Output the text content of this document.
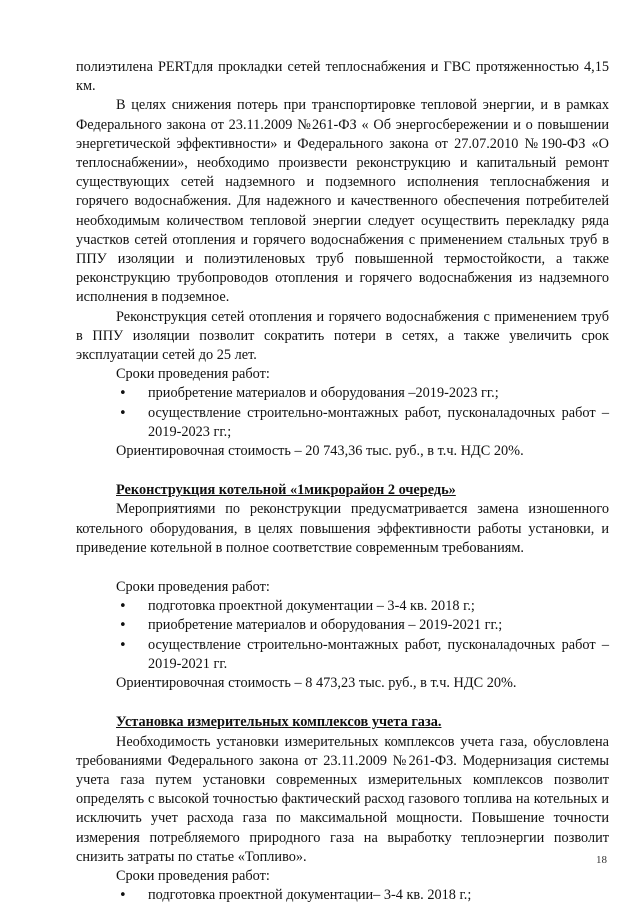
полиэтилена PERTдля прокладки сетей теплоснабжения и ГВС протяженностью 4,15 км.

В целях снижения потерь при транспортировке тепловой энергии, и в рамках Федерального закона от 23.11.2009 №261-ФЗ « Об энергосбережении и о повышении энергетической эффективности» и Федерального закона от 27.07.2010 №190-ФЗ «О теплоснабжении», необходимо произвести реконструкцию и капитальный ремонт существующих сетей надземного и подземного исполнения теплоснабжения и горячего водоснабжения. Для надежного и качественного обеспечения потребителей необходимым количеством тепловой энергии следует осуществить перекладку ряда участков сетей отопления и горячего водоснабжения с применением стальных труб в ППУ изоляции и полиэтиленовых труб повышенной термостойкости, а также реконструкцию трубопроводов отопления и горячего водоснабжения из надземного исполнения в подземное.

Реконструкция сетей отопления и горячего водоснабжения с применением труб в ППУ изоляции позволит сократить потери в сетях, а также увеличить срок эксплуатации сетей до 25 лет.

Сроки проведения работ:

• приобретение материалов и оборудования –2019-2023 гг.;
• осуществление строительно-монтажных работ, пусконаладочных работ – 2019-2023 гг.;

Ориентировочная стоимость – 20 743,36 тыс. руб., в т.ч. НДС 20%.

Реконструкция котельной «1микрорайон 2 очередь»

Мероприятиями по реконструкции предусматривается замена изношенного котельного оборудования, в целях повышения эффективности работы установки, и приведение котельной в полное соответствие современным требованиям.

Сроки проведения работ:

• подготовка проектной документации – 3-4 кв. 2018 г.;
• приобретение материалов и оборудования – 2019-2021 гг.;
• осуществление строительно-монтажных работ, пусконаладочных работ – 2019-2021 гг.

Ориентировочная стоимость – 8 473,23 тыс. руб., в т.ч. НДС 20%.

Установка измерительных комплексов учета газа.

Необходимость установки измерительных комплексов учета газа, обусловлена требованиями Федерального закона от 23.11.2009 №261-ФЗ. Модернизация системы учета газа путем установки современных измерительных комплексов позволит определять с высокой точностью фактический расход газового топлива на котельных и исключить учет расхода газа по максимальной мощности. Повышение точности измерения потребляемого природного газа на выработку теплоэнергии позволит снизить затраты по статье «Топливо».

Сроки проведения работ:

• подготовка проектной документации– 3-4 кв. 2018 г.;
18
